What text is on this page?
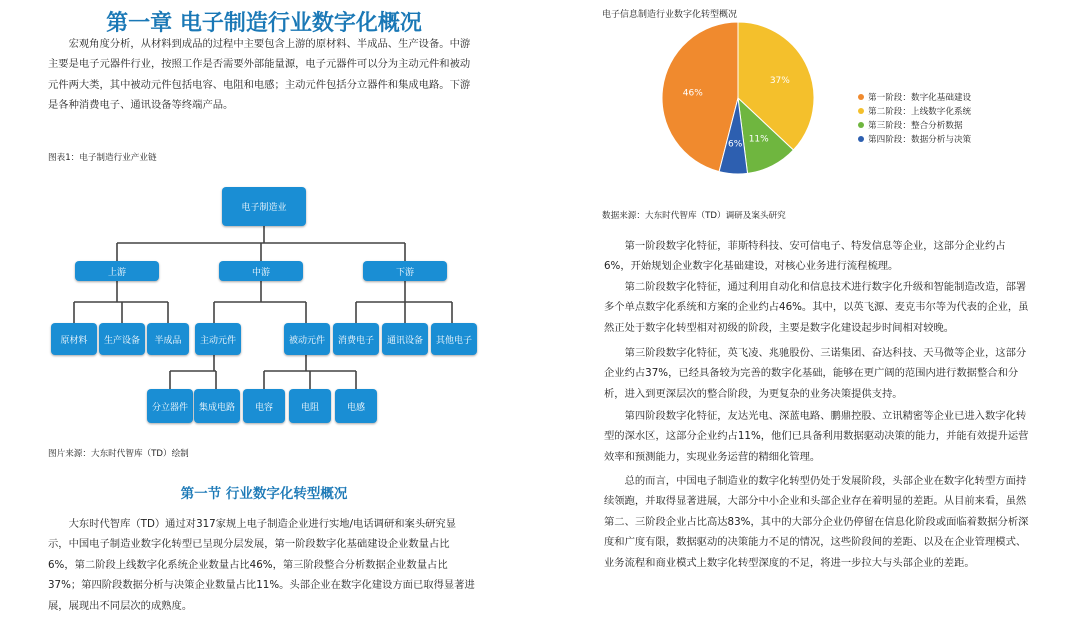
第一章 电子制造行业数字化概况

宏观角度分析，从材料到成品的过程中主要包含上游的原材料、半成品、生产设备。中游主要是电子元器件行业，按照工作是否需要外部能量源，电子元器件可以分为主动元件和被动元件两大类，其中被动元件包括电容、电阻和电感；主动元件包括分立器件和集成电路。下游是各种消费电子、通讯设备等终端产品。

图表1：电子制造行业产业链
电子制造业
上游	中游	下游
原材料	生产设备	半成品	主动元件	被动元件	消费电子	通讯设备	其他电子
分立器件	集成电路	电容	电阻	电感
图片来源：大东时代智库（TD）绘制
第一节 行业数字化转型概况

大东时代智库（TD）通过对317家规上电子制造企业进行实地/电话调研和案头研究显示，中国电子制造业数字化转型已呈现分层发展，第一阶段数字化基础建设企业数量占比6%，第二阶段上线数字化系统企业数量占比46%，第三阶段整合分析数据企业数量占比37%；第四阶段数据分析与决策企业数量占比11%。头部企业在数字化建设方面已取得显著进展，展现出不同层次的成熟度。

电子信息制造行业数字化转型概况
46%
37%
11%
6%
第一阶段：数字化基础建设
第二阶段：上线数字化系统
第三阶段：整合分析数据
第四阶段：数据分析与决策
数据来源：大东时代智库（TD）调研及案头研究

第一阶段数字化特征，菲斯特科技、安可信电子、特发信息等企业，这部分企业约占6%，开始规划企业数字化基础建设，对核心业务进行流程梳理。

第二阶段数字化特征，通过利用自动化和信息技术进行数字化升级和智能制造改造，部署多个单点数字化系统和方案的企业约占46%。其中，以英飞源、麦克韦尔等为代表的企业，虽然正处于数字化转型相对初级的阶段，主要是数字化建设起步时间相对较晚。

第三阶段数字化特征，英飞凌、兆驰股份、三诺集团、奋达科技、天马微等企业，这部分企业约占37%，已经具备较为完善的数字化基础，能够在更广阔的范围内进行数据整合和分析，进入到更深层次的整合阶段，为更复杂的业务决策提供支持。

第四阶段数字化特征，友达光电、深蓝电路、鹏鼎控股、立讯精密等企业已进入数字化转型的深水区，这部分企业约占11%，他们已具备利用数据驱动决策的能力，并能有效提升运营效率和预测能力，实现业务运营的精细化管理。

总的而言，中国电子制造业的数字化转型仍处于发展阶段，头部企业在数字化转型方面持续领跑，并取得显著进展，大部分中小企业和头部企业存在着明显的差距。从目前来看，虽然第二、三阶段企业占比高达83%，其中的大部分企业仍停留在信息化阶段或面临着数据分析深度和广度有限，数据驱动的决策能力不足的情况，这些阶段间的差距、以及在企业管理模式、业务流程和商业模式上数字化转型深度的不足，将进一步拉大与头部企业的差距。
